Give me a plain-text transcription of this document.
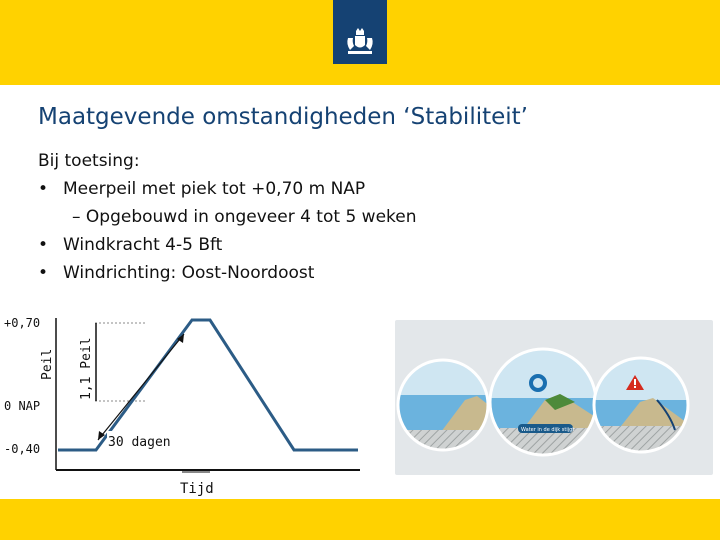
Maatgevende omstandigheden ‘Stabiliteit’
Bij toetsing:
• Meerpeil met piek tot +0,70 m NAP
– Opgebouwd in ongeveer 4 tot 5 weken
• Windkracht 4-5 Bft
• Windrichting: Oost-Noordoost
+0,70
0 NAP
-0,40
Peil 1,1 Peil
30 dagen
Tijd
Water in de dijk stijgt
